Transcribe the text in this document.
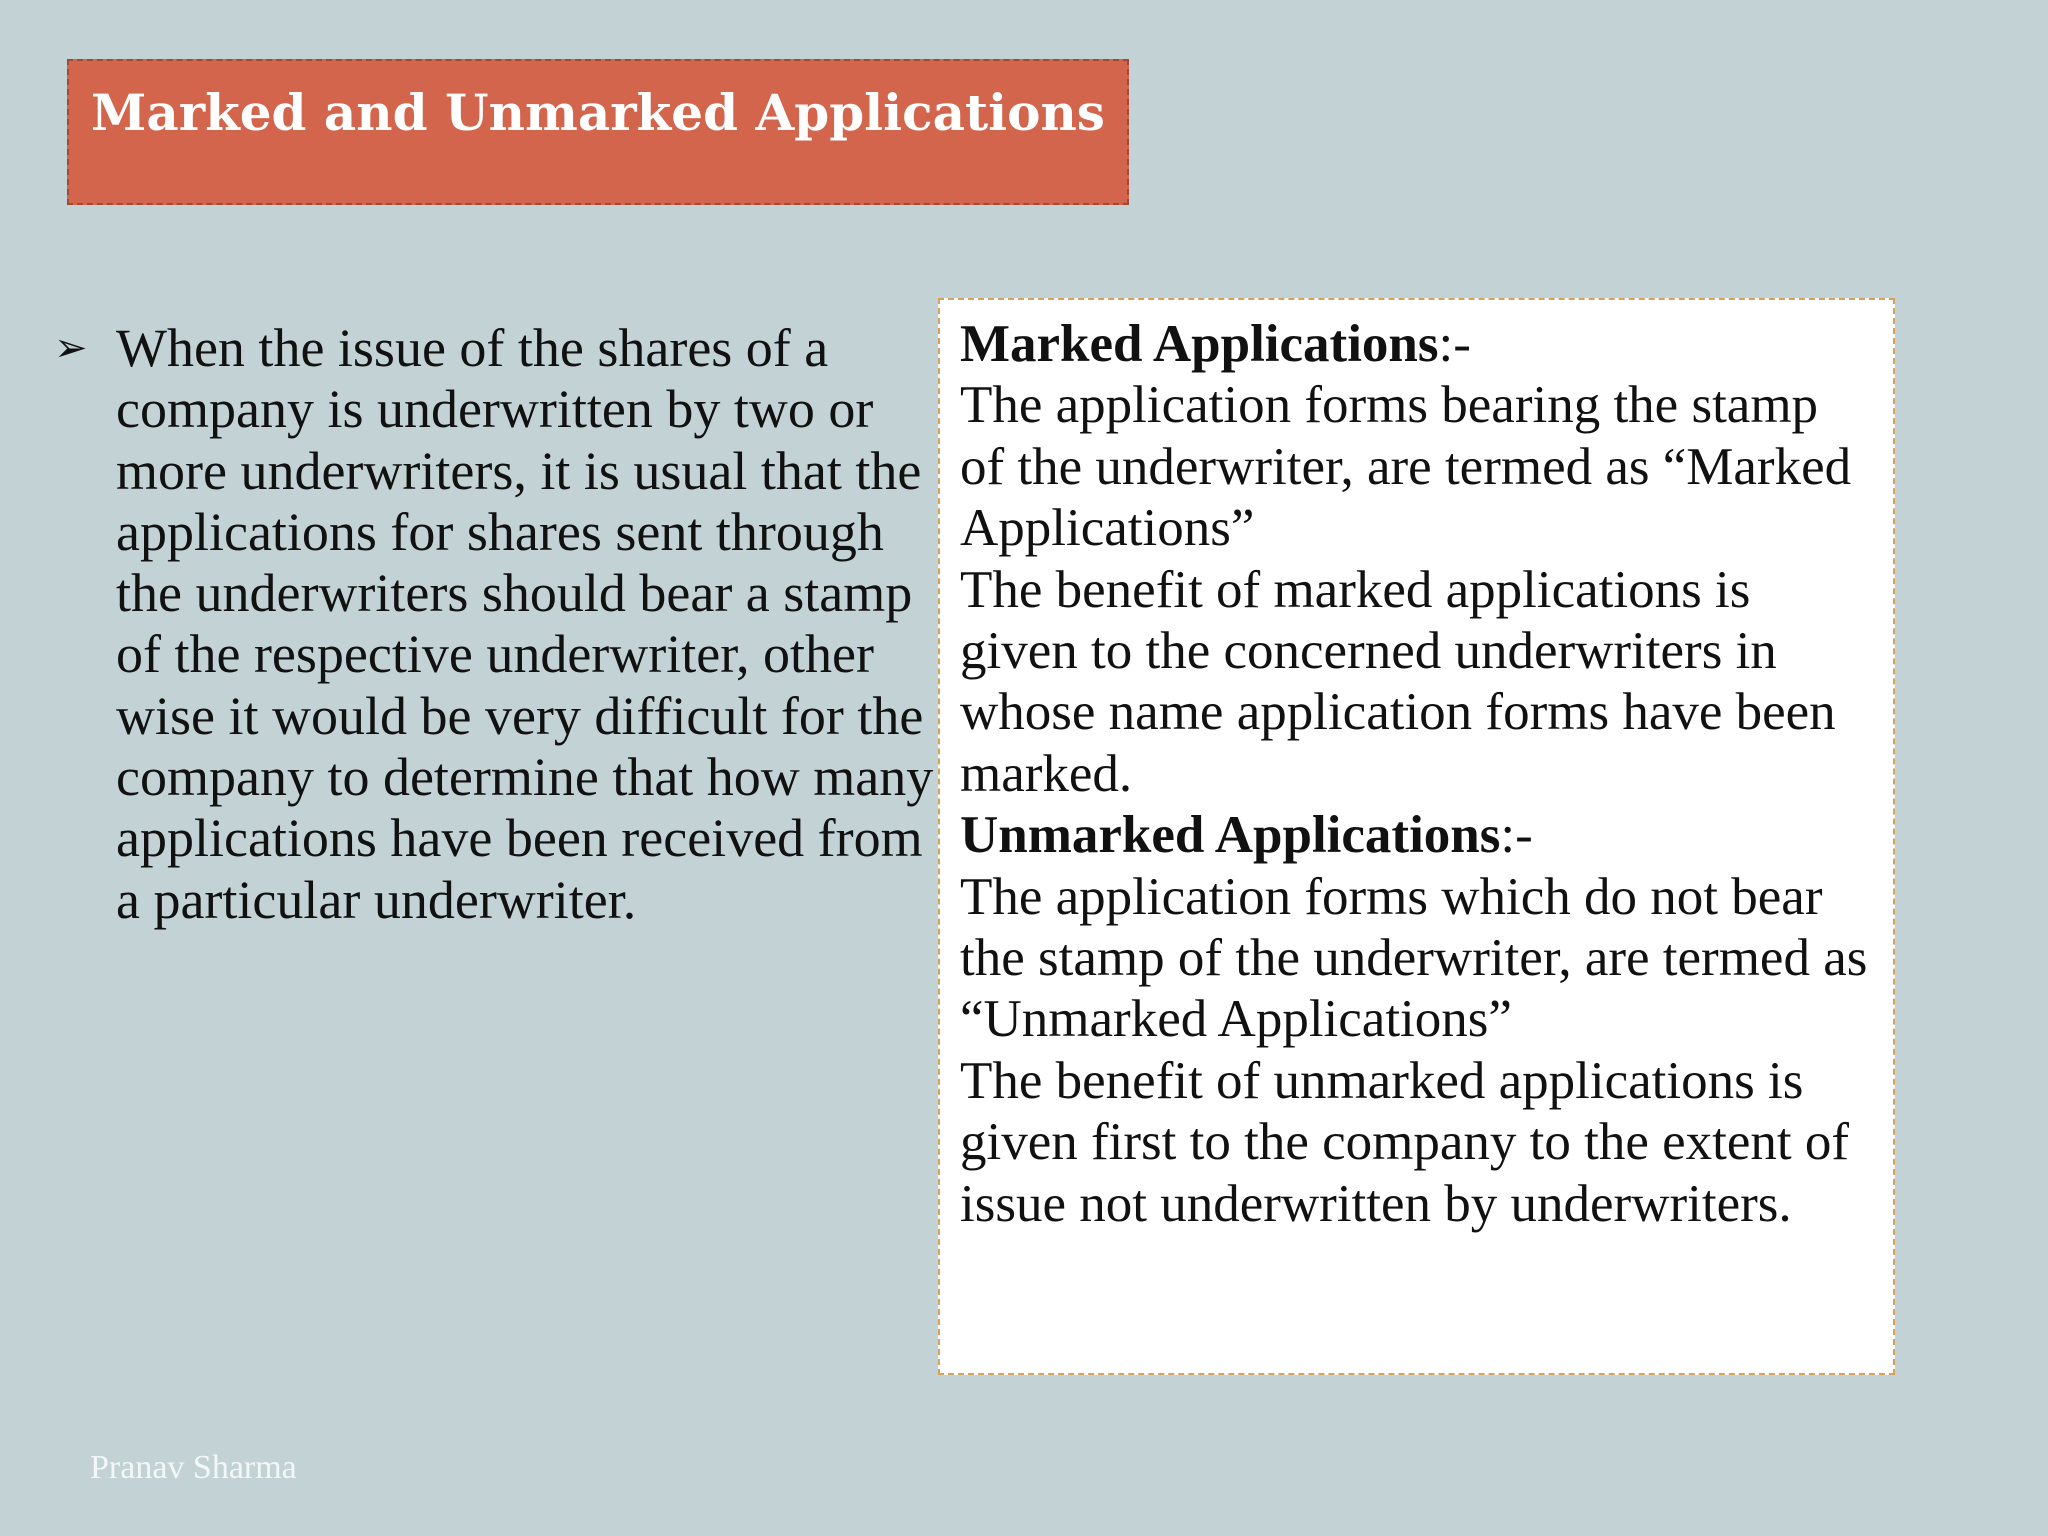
Marked and Unmarked Applications
➢ When the issue of the shares of a company is underwritten by two or more underwriters, it is usual that the applications for shares sent through the underwriters should bear a stamp of the respective underwriter, other wise it would be very difficult for the company to determine that how many applications have been received from a particular underwriter.

Marked Applications:-

The application forms bearing the stamp of the underwriter, are termed as “Marked Applications”

The benefit of marked applications is given to the concerned underwriters in whose name application forms have been marked.

Unmarked Applications:-

The application forms which do not bear the stamp of the underwriter, are termed as “Unmarked Applications”

The benefit of unmarked applications is given first to the company to the extent of issue not underwritten by underwriters.

Pranav Sharma
